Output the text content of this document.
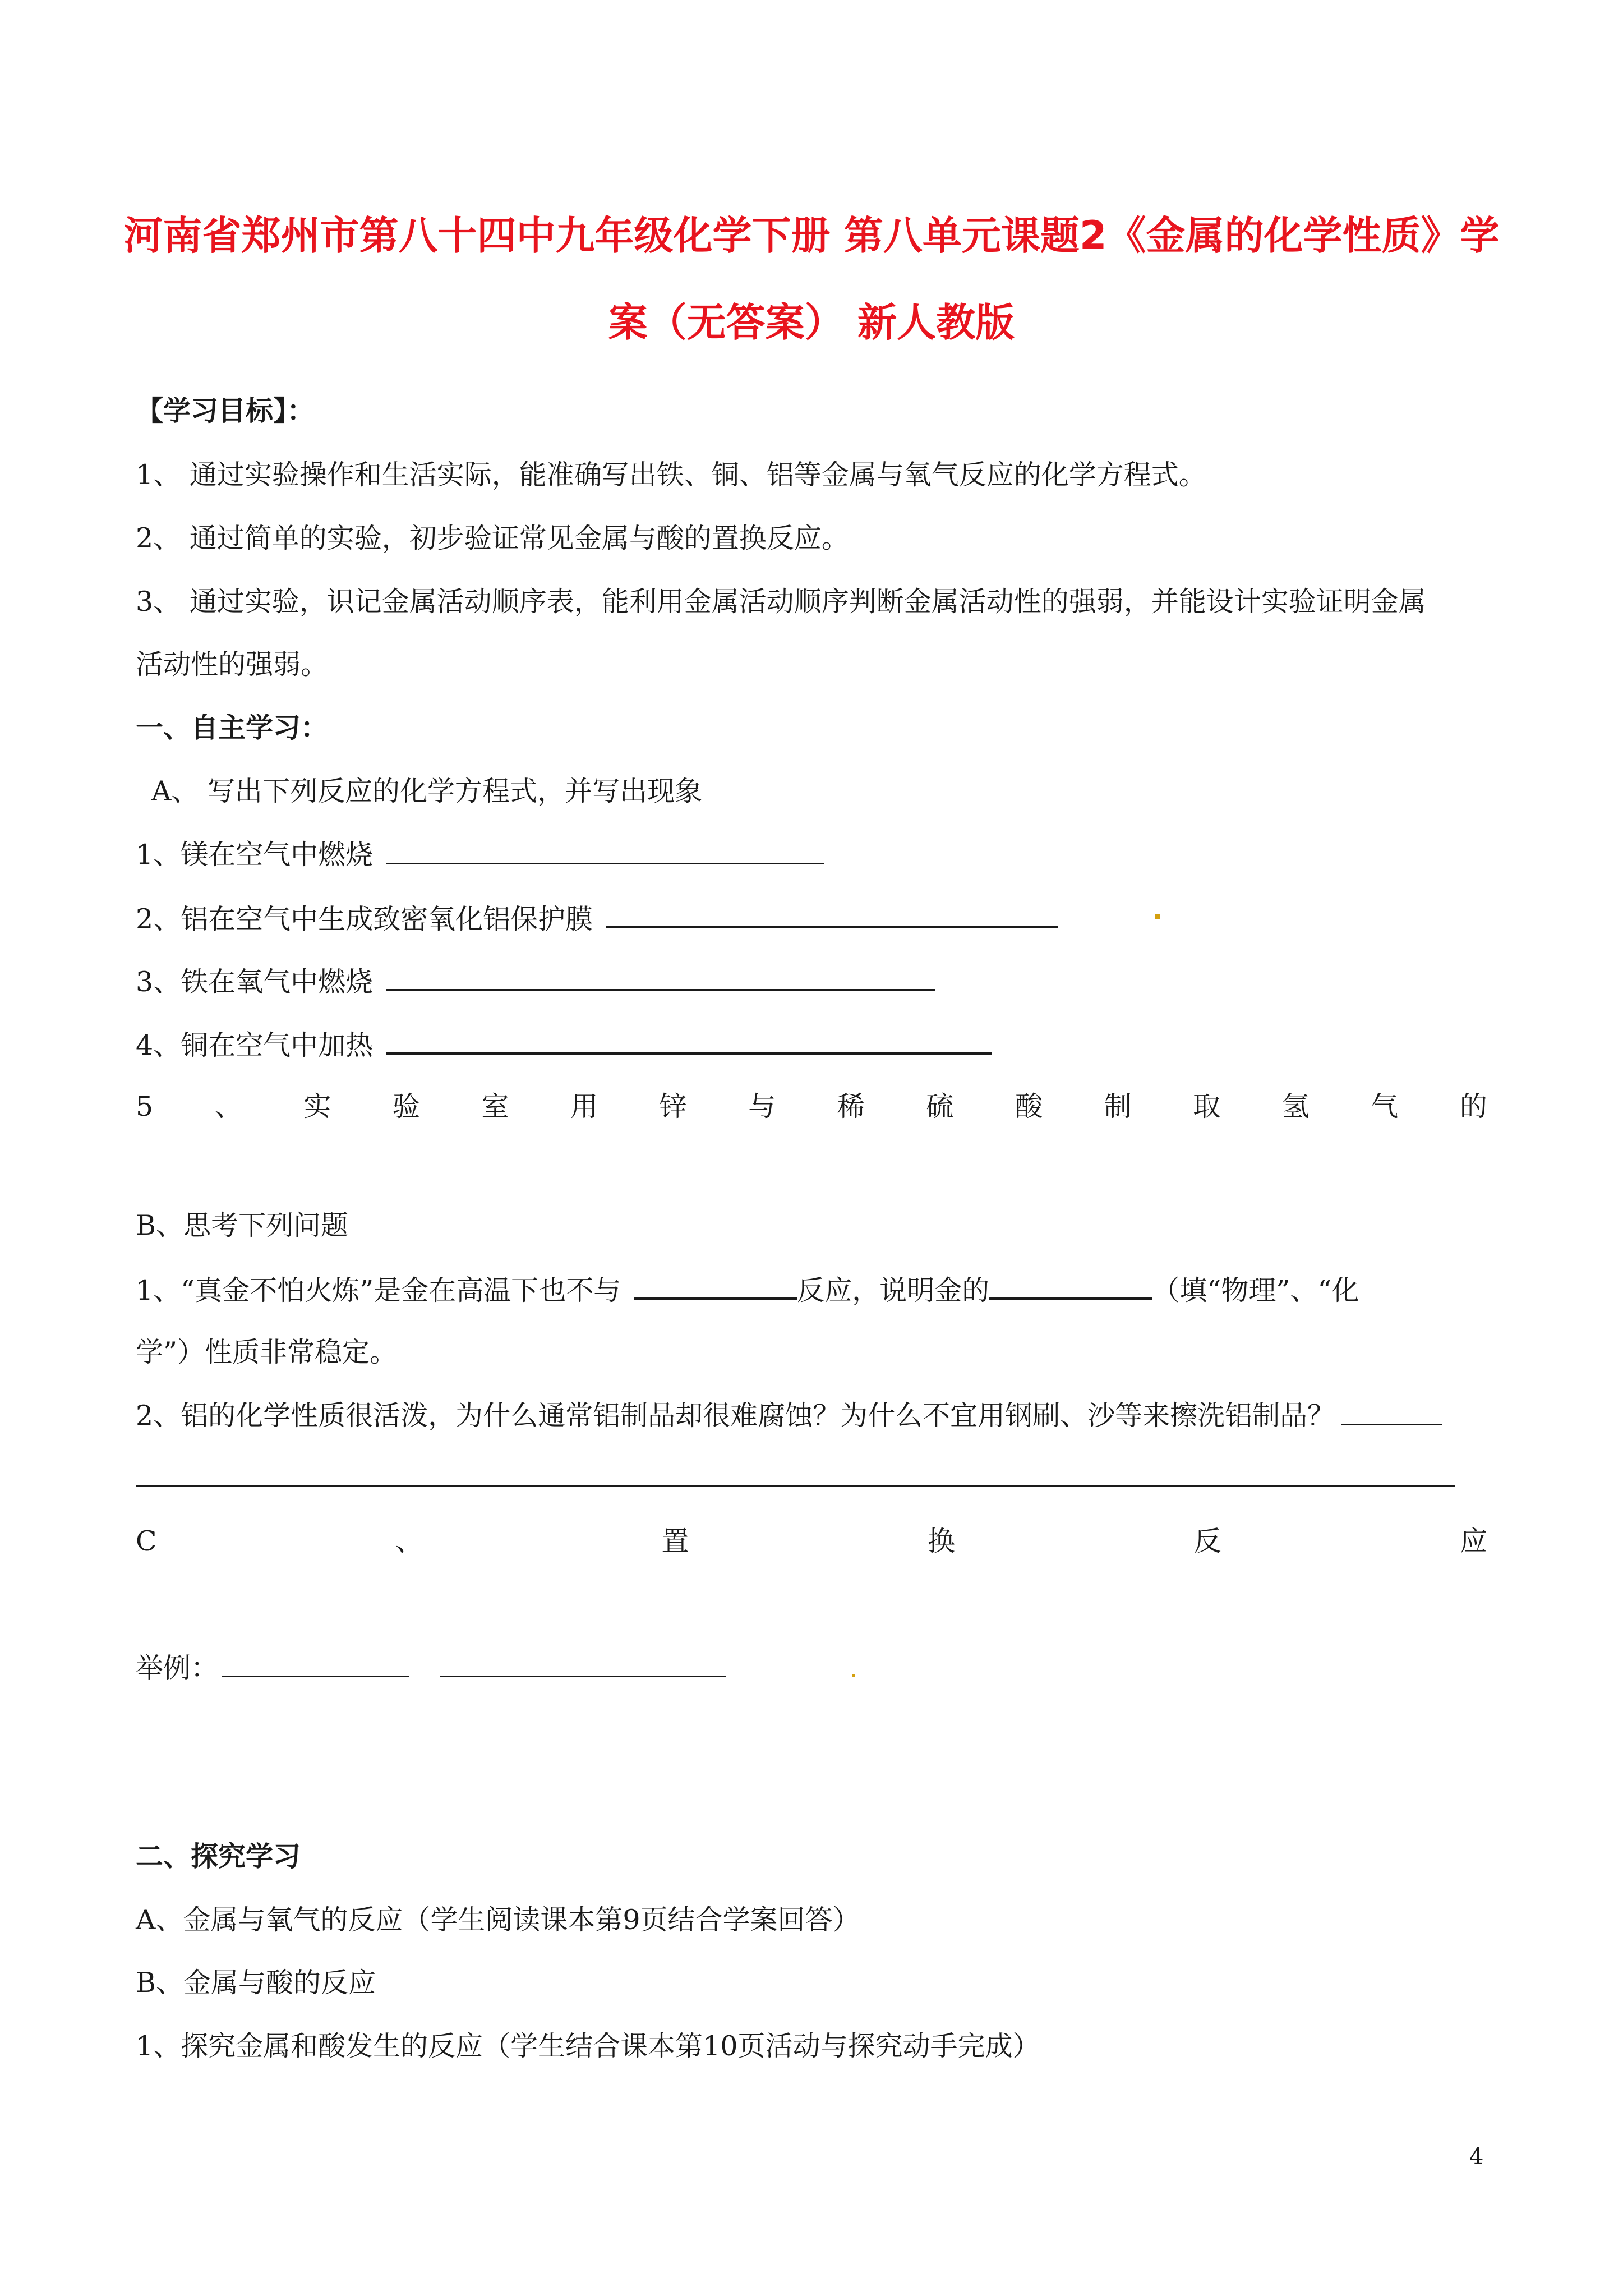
河南省郑州市第八十四中九年级化学下册 第八单元课题2《金属的化学性质》学
案（无答案） 新人教版
【学习目标】：
1、 通过实验操作和生活实际，能准确写出铁、铜、铝等金属与氧气反应的化学方程式。
2、 通过简单的实验，初步验证常见金属与酸的置换反应。
3、 通过实验，识记金属活动顺序表，能利用金属活动顺序判断金属活动性的强弱，并能设计实验证明金属
活动性的强弱。
一、自主学习：
A、 写出下列反应的化学方程式，并写出现象
1、镁在空气中燃烧
2、铝在空气中生成致密氧化铝保护膜
3、铁在氧气中燃烧
4、铜在空气中加热
5 、 实 验 室 用 锌 与 稀 硫 酸 制 取 氢 气 的
B、思考下列问题
1、“真金不怕火炼”是金在高温下也不与	反应，说明金的	（填“物理”、“化
学”）性质非常稳定。
2、铝的化学性质很活泼，为什么通常铝制品却很难腐蚀？为什么不宜用钢刷、沙等来擦洗铝制品？
C	、	置	换	反	应
举例：
二、探究学习
A、金属与氧气的反应（学生阅读课本第9页结合学案回答）
B、金属与酸的反应
1、探究金属和酸发生的反应（学生结合课本第10页活动与探究动手完成）
4
